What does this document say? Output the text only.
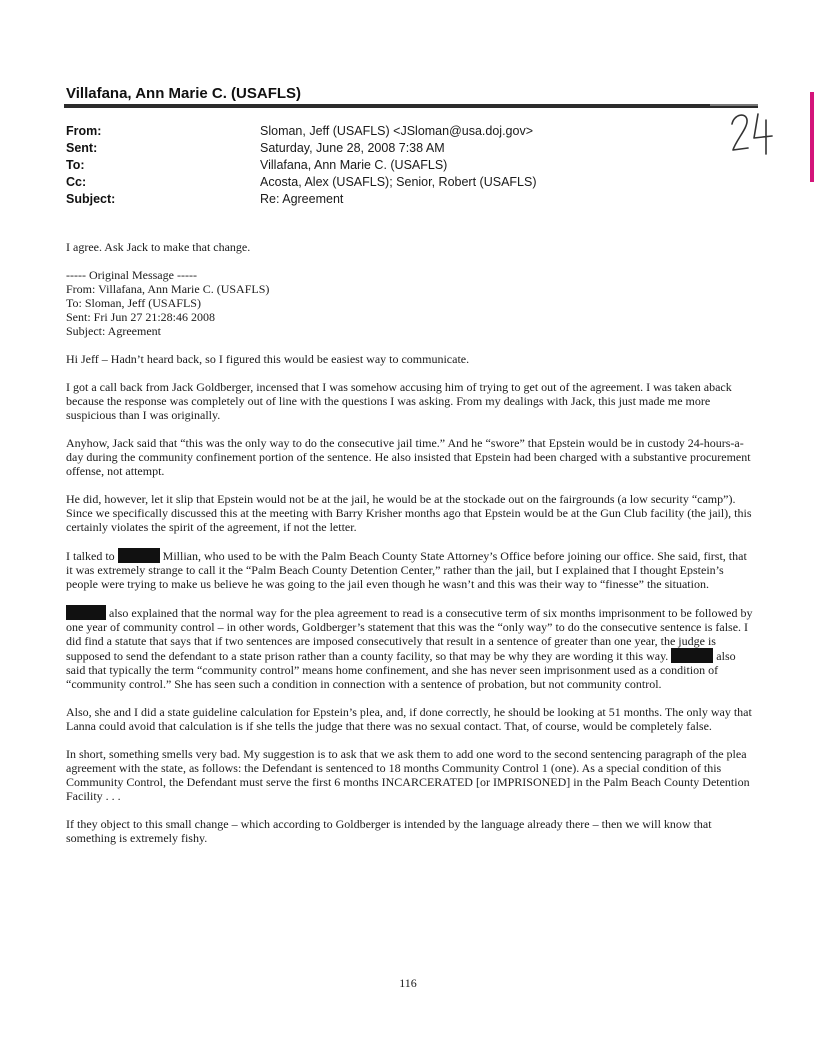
Villafana, Ann Marie C. (USAFLS)
From:	Sloman, Jeff (USAFLS) <JSloman@usa.doj.gov>
Sent:	Saturday, June 28, 2008 7:38 AM
To:	Villafana, Ann Marie C. (USAFLS)
Cc:	Acosta, Alex (USAFLS); Senior, Robert (USAFLS)
Subject:	Re: Agreement

I agree. Ask Jack to make that change.

----- Original Message -----
From: Villafana, Ann Marie C. (USAFLS)
To: Sloman, Jeff (USAFLS)
Sent: Fri Jun 27 21:28:46 2008
Subject: Agreement

Hi Jeff – Hadn’t heard back, so I figured this would be easiest way to communicate.

I got a call back from Jack Goldberger, incensed that I was somehow accusing him of trying to get out of the agreement. I was taken aback because the response was completely out of line with the questions I was asking. From my dealings with Jack, this just made me more suspicious than I was originally.

Anyhow, Jack said that “this was the only way to do the consecutive jail time.” And he “swore” that Epstein would be in custody 24-hours-a-day during the community confinement portion of the sentence. He also insisted that Epstein had been charged with a substantive procurement offense, not attempt.

He did, however, let it slip that Epstein would not be at the jail, he would be at the stockade out on the fairgrounds (a low security “camp”). Since we specifically discussed this at the meeting with Barry Krisher months ago that Epstein would be at the Gun Club facility (the jail), this certainly violates the spirit of the agreement, if not the letter.

I talked to	Millian, who used to be with the Palm Beach County State Attorney’s Office before joining our office. She said, first, that it was extremely strange to call it the “Palm Beach County Detention Center,” rather than the jail, but I explained that I thought Epstein’s people were trying to make us believe he was going to the jail even though he wasn’t and this was their way to “finesse” the situation.

also explained that the normal way for the plea agreement to read is a consecutive term of six months imprisonment to be followed by one year of community control – in other words, Goldberger’s statement that this was the “only way” to do the consecutive sentence is false. I did find a statute that says that if two sentences are imposed consecutively that result in a sentence of greater than one year, the judge is supposed to send the defendant to a state prison rather than a county facility, so that may be why they are wording it this way.	also said that typically the term “community control” means home confinement, and she has never seen imprisonment used as a condition of “community control.” She has seen such a condition in connection with a sentence of probation, but not community control.

Also, she and I did a state guideline calculation for Epstein’s plea, and, if done correctly, he should be looking at 51 months. The only way that Lanna could avoid that calculation is if she tells the judge that there was no sexual contact. That, of course, would be completely false.

In short, something smells very bad. My suggestion is to ask that we ask them to add one word to the second sentencing paragraph of the plea agreement with the state, as follows: the Defendant is sentenced to 18 months Community Control 1 (one). As a special condition of this Community Control, the Defendant must serve the first 6 months INCARCERATED [or IMPRISONED] in the Palm Beach County Detention Facility . . .

If they object to this small change – which according to Goldberger is intended by the language already there – then we will know that something is extremely fishy.

116
